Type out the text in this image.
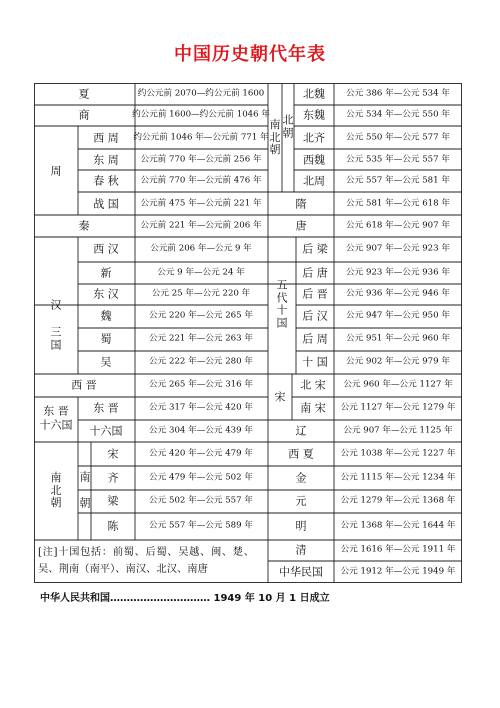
中国历史朝代年表
夏	约公元前 2070—约公元前 1600
商	约公元前 1600—约公元前 1046 年
周
西 周 约公元前 1046 年—公元前 771 年
东 周	公元前 770 年—公元前 256 年
春 秋	公元前 770 年—公元前 476 年
战 国	公元前 475 年—公元前 221 年
秦	公元前 221 年—公元前 206 年
汉
西 汉	公元前 206 年—公元 9 年
新	公元 9 年—公元 24 年
东 汉	公元 25 年—公元 220 年
三国
魏	公元 220 年—公元 265 年
蜀	公元 221 年—公元 263 年
吴	公元 222 年—公元 280 年
西 晋	公元 265 年—公元 316 年
东 晋
十六国
东 晋	公元 317 年—公元 420 年
十六国	公元 304 年—公元 439 年
南北朝
南
朝
宋	公元 420 年—公元 479 年
齐	公元 479 年—公元 502 年
梁	公元 502 年—公元 557 年
陈	公元 557 年—公元 589 年
南北朝
北朝
北魏 公元 386 年—公元 534 年
东魏 公元 534 年—公元 550 年
北齐 公元 550 年—公元 577 年
西魏 公元 535 年—公元 557 年
北周 公元 557 年—公元 581 年
隋	公元 581 年—公元 618 年
唐	公元 618 年—公元 907 年
五代十国
后 梁 公元 907 年—公元 923 年
后 唐 公元 923 年—公元 936 年
后 晋 公元 936 年—公元 946 年
后 汉 公元 947 年—公元 950 年
后 周 公元 951 年—公元 960 年
十 国 公元 902 年—公元 979 年
宋
北 宋 公元 960 年—公元 1127 年
南 宋 公元 1127 年—公元 1279 年
辽	公元 907 年—公元 1125 年
西 夏	公元 1038 年—公元 1227 年
金	公元 1115 年—公元 1234 年
元	公元 1279 年—公元 1368 年
明	公元 1368 年—公元 1644 年
清	公元 1616 年—公元 1911 年
中华民国 公元 1912 年—公元 1949 年
[注]十国包括：前蜀、后蜀、吴越、闽、楚、吴、荆南（南平）、南汉、北汉、南唐
中华人民共和国………………………… 1949 年 10 月 1 日成立
